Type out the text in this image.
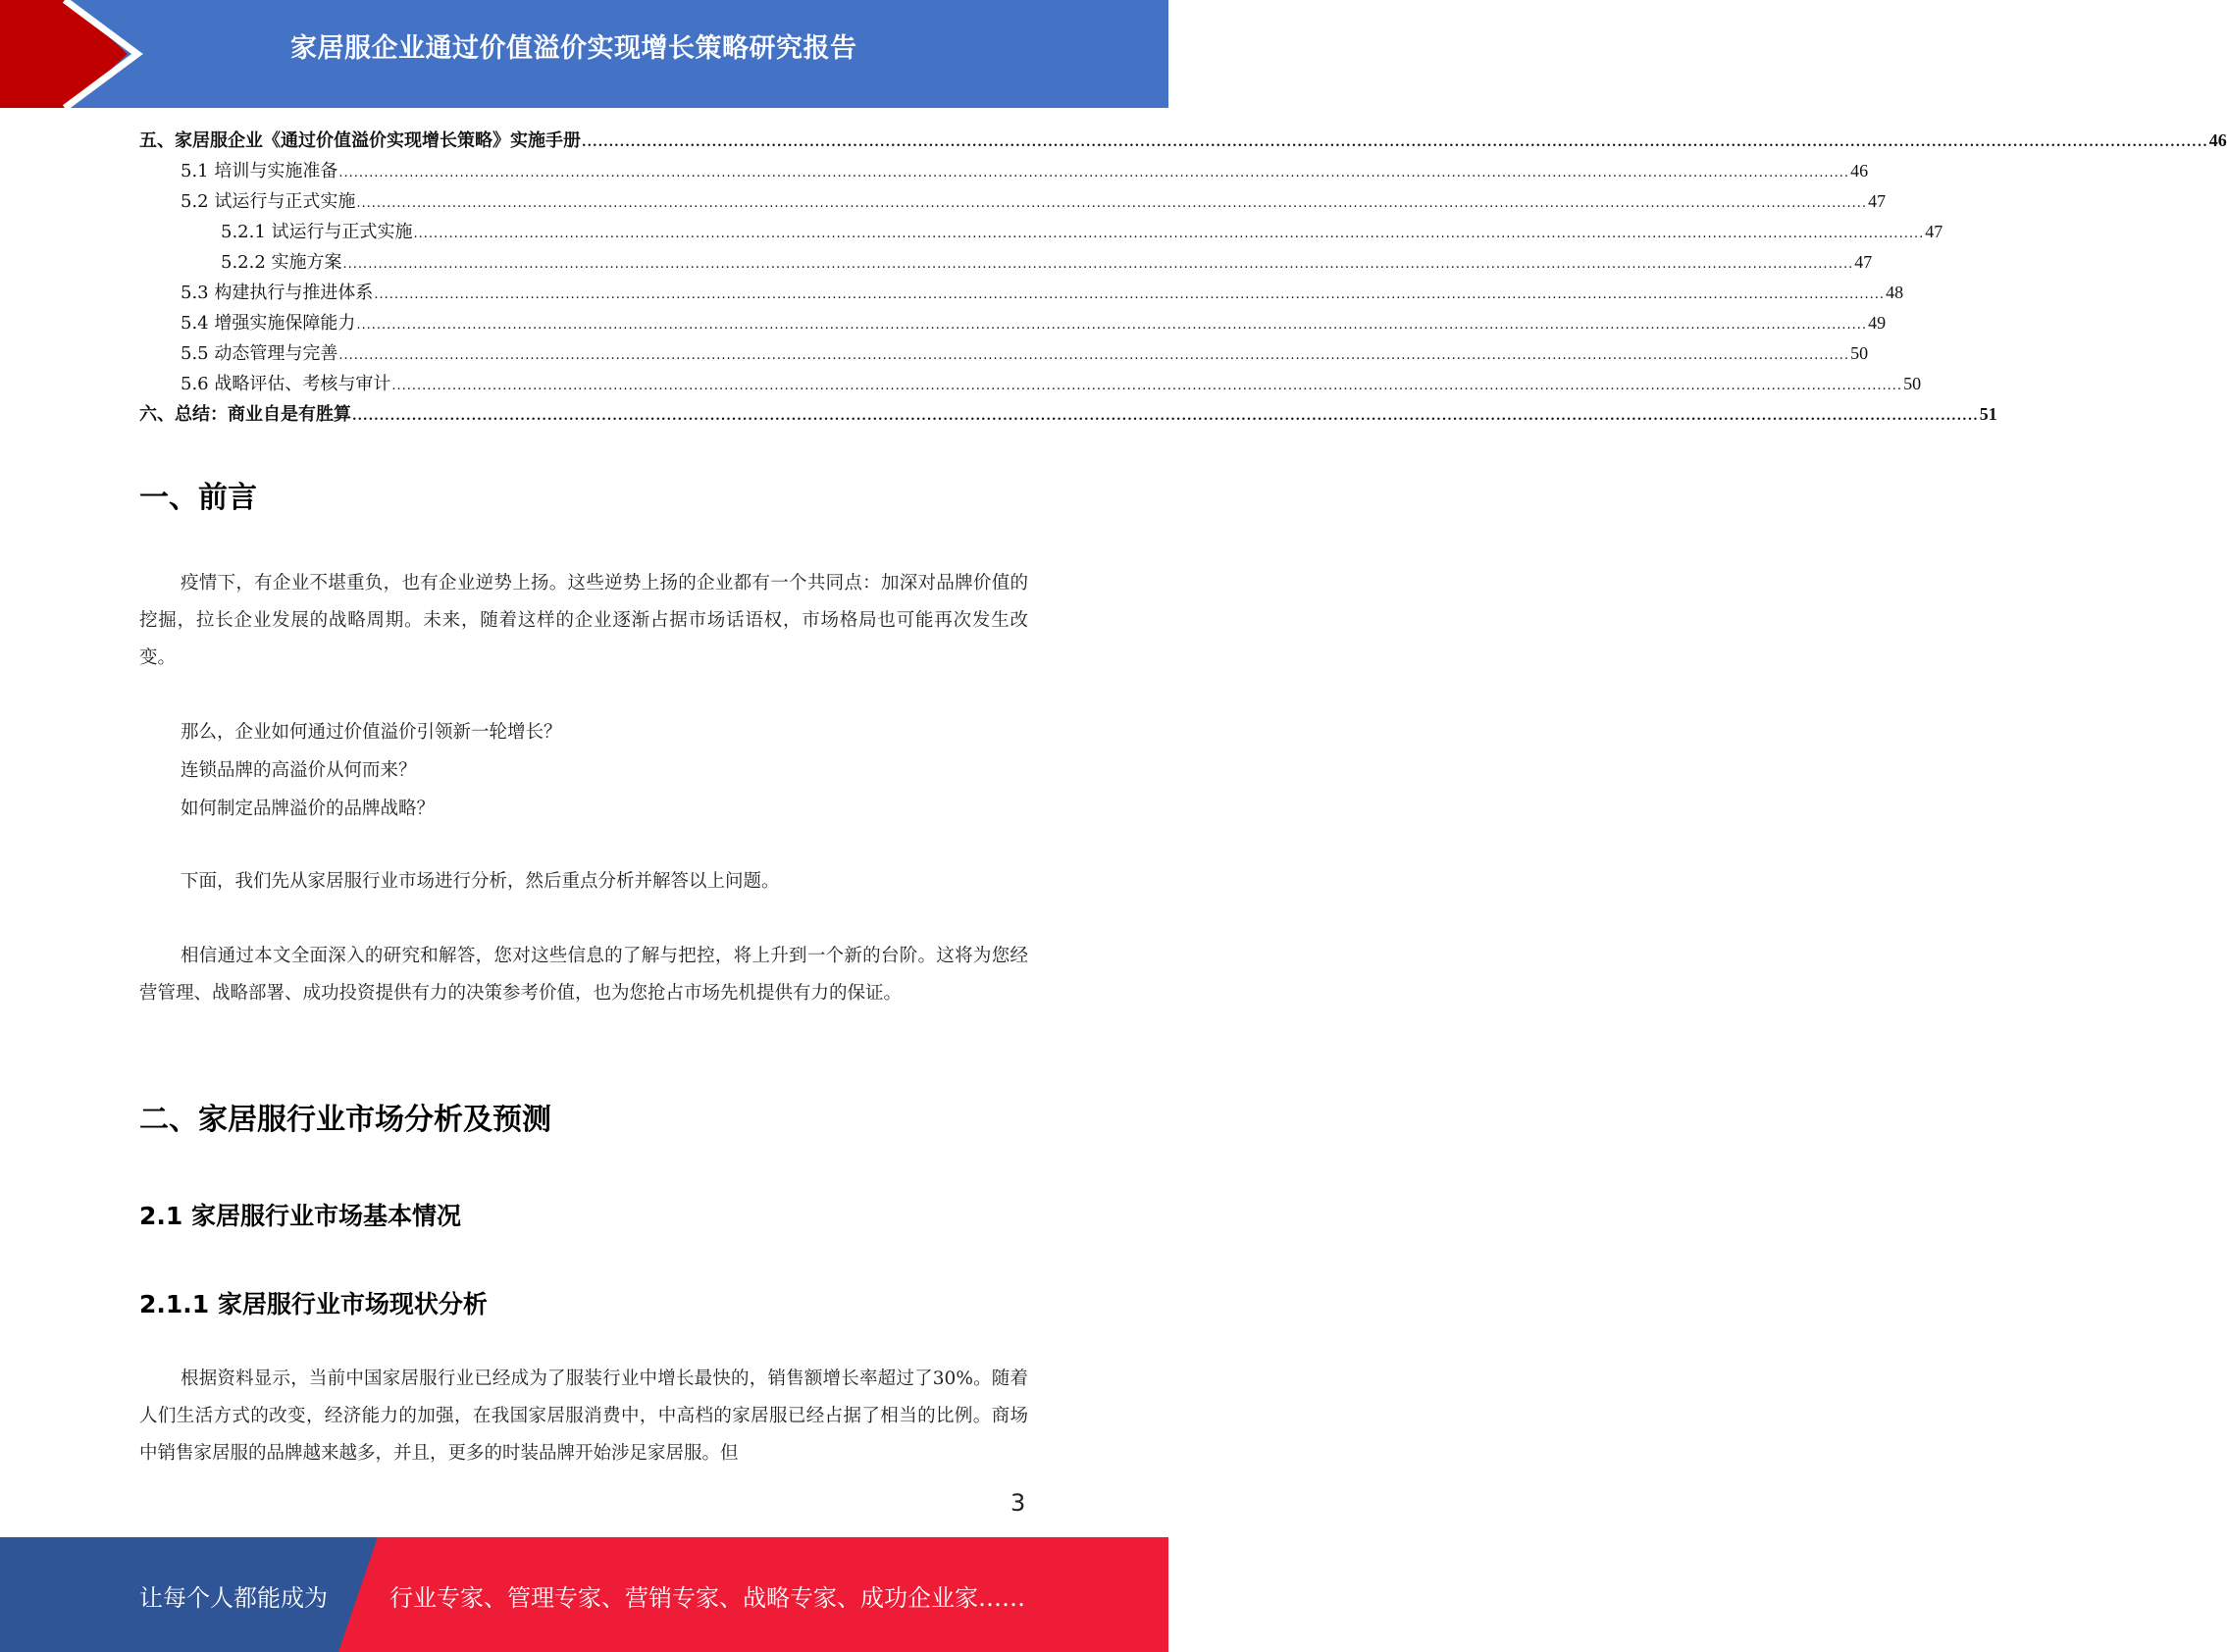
家居服企业通过价值溢价实现增长策略研究报告
五、家居服企业《通过价值溢价实现增长策略》实施手册 ............................................................................................................................................................................................................................................................................................................ 46
5.1 培训与实施准备 ............................................................................................................................................................................................................................................................................................................ 46
5.2 试运行与正式实施 ............................................................................................................................................................................................................................................................................................................ 47
5.2.1 试运行与正式实施 ............................................................................................................................................................................................................................................................................................................ 47
5.2.2 实施方案 ............................................................................................................................................................................................................................................................................................................ 47
5.3 构建执行与推进体系 ............................................................................................................................................................................................................................................................................................................ 48
5.4 增强实施保障能力 ............................................................................................................................................................................................................................................................................................................ 49
5.5 动态管理与完善 ............................................................................................................................................................................................................................................................................................................ 50
5.6 战略评估、考核与审计 ............................................................................................................................................................................................................................................................................................................ 50
六、总结：商业自是有胜算 ............................................................................................................................................................................................................................................................................................................ 51
一、前言
疫情下，有企业不堪重负，也有企业逆势上扬。这些逆势上扬的企业都有一个共同点：加深对品牌价值的挖掘，拉长企业发展的战略周期。未来，随着这样的企业逐渐占据市场话语权，市场格局也可能再次发生改变。
那么，企业如何通过价值溢价引领新一轮增长？
连锁品牌的高溢价从何而来？
如何制定品牌溢价的品牌战略？
下面，我们先从家居服行业市场进行分析，然后重点分析并解答以上问题。
相信通过本文全面深入的研究和解答，您对这些信息的了解与把控，将上升到一个新的台阶。这将为您经营管理、战略部署、成功投资提供有力的决策参考价值，也为您抢占市场先机提供有力的保证。
二、家居服行业市场分析及预测
2.1 家居服行业市场基本情况
2.1.1 家居服行业市场现状分析
根据资料显示，当前中国家居服行业已经成为了服装行业中增长最快的，销售额增长率超过了30%。随着人们生活方式的改变，经济能力的加强，在我国家居服消费中，中高档的家居服已经占据了相当的比例。商场中销售家居服的品牌越来越多，并且，更多的时装品牌开始涉足家居服。但
3
让每个人都能成为	行业专家、管理专家、营销专家、战略专家、成功企业家……
